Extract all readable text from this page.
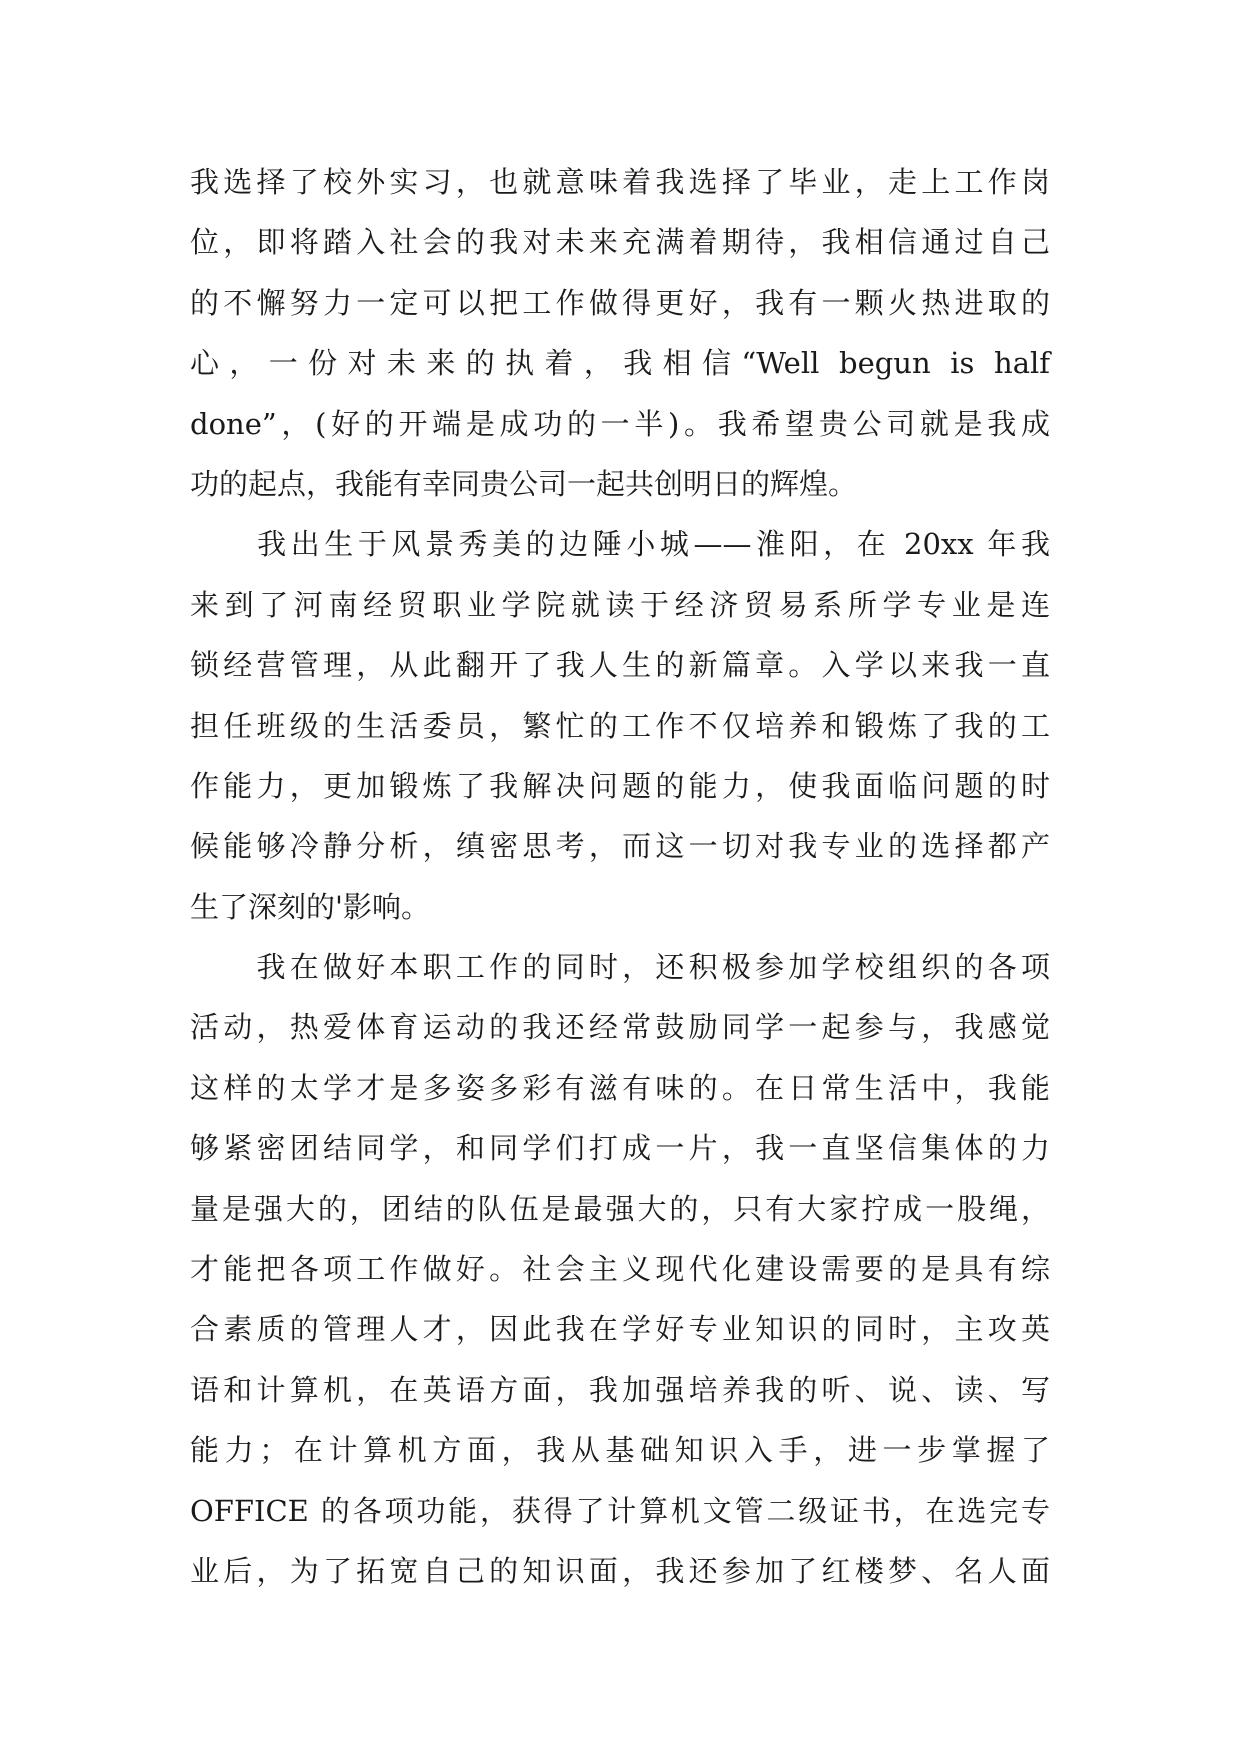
我选择了校外实习，也就意味着我选择了毕业，走上工作岗
位，即将踏入社会的我对未来充满着期待，我相信通过自己
的不懈努力一定可以把工作做得更好，我有一颗火热进取的
心，一份对未来的执着，我相信“Well begun is half
done”，(好的开端是成功的一半)。我希望贵公司就是我成
功的起点，我能有幸同贵公司一起共创明日的辉煌。
　　我出生于风景秀美的边陲小城——淮阳，在 20xx 年我
来到了河南经贸职业学院就读于经济贸易系所学专业是连
锁经营管理，从此翻开了我人生的新篇章。入学以来我一直
担任班级的生活委员，繁忙的工作不仅培养和锻炼了我的工
作能力，更加锻炼了我解决问题的能力，使我面临问题的时
候能够冷静分析，缜密思考，而这一切对我专业的选择都产
生了深刻的'影响。
　　我在做好本职工作的同时，还积极参加学校组织的各项
活动，热爱体育运动的我还经常鼓励同学一起参与，我感觉
这样的太学才是多姿多彩有滋有味的。在日常生活中，我能
够紧密团结同学，和同学们打成一片，我一直坚信集体的力
量是强大的，团结的队伍是最强大的，只有大家拧成一股绳，
才能把各项工作做好。社会主义现代化建设需要的是具有综
合素质的管理人才，因此我在学好专业知识的同时，主攻英
语和计算机，在英语方面，我加强培养我的听、说、读、写
能力；在计算机方面，我从基础知识入手，进一步掌握了
OFFICE 的各项功能，获得了计算机文管二级证书，在选完专
业后，为了拓宽自己的知识面，我还参加了红楼梦、名人面
